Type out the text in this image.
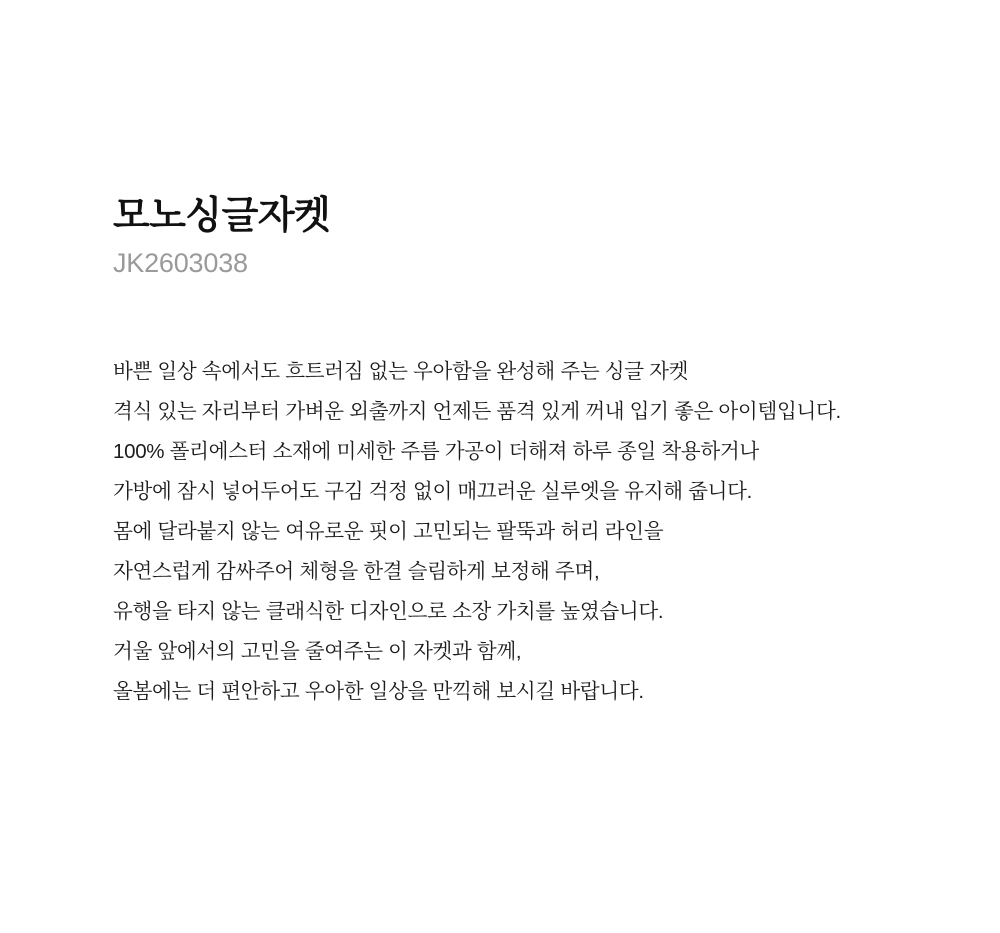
모노싱글자켓
JK2603038

바쁜 일상 속에서도 흐트러짐 없는 우아함을 완성해 주는 싱글 자켓

격식 있는 자리부터 가벼운 외출까지 언제든 품격 있게 꺼내 입기 좋은 아이템입니다.

100% 폴리에스터 소재에 미세한 주름 가공이 더해져 하루 종일 착용하거나

가방에 잠시 넣어두어도 구김 걱정 없이 매끄러운 실루엣을 유지해 줍니다.

몸에 달라붙지 않는 여유로운 핏이 고민되는 팔뚝과 허리 라인을

자연스럽게 감싸주어 체형을 한결 슬림하게 보정해 주며,

유행을 타지 않는 클래식한 디자인으로 소장 가치를 높였습니다.

거울 앞에서의 고민을 줄여주는 이 자켓과 함께,

올봄에는 더 편안하고 우아한 일상을 만끽해 보시길 바랍니다.
